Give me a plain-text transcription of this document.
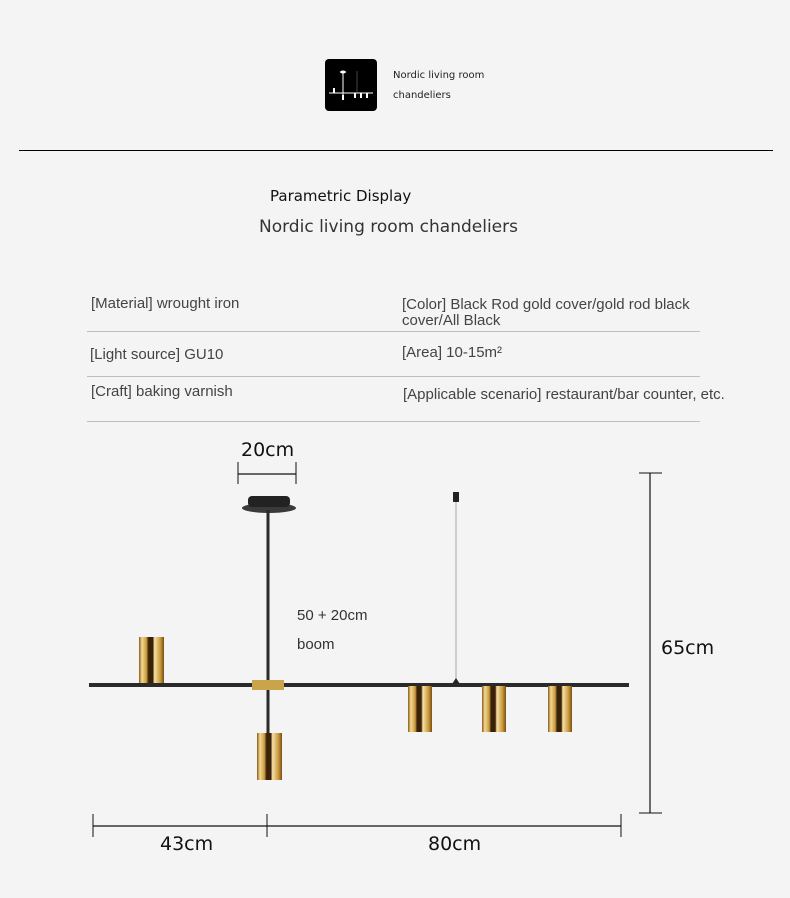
Nordic living room
chandeliers
Parametric Display
Nordic living room chandeliers
[Material] wrought iron
[Light source] GU10
[Craft] baking varnish
[Color] Black Rod gold cover/gold rod black cover/All Black
[Area] 10-15m²
[Applicable scenario] restaurant/bar counter, etc.
20cm
50 + 20cm
boom	65cm
43cm	80cm
